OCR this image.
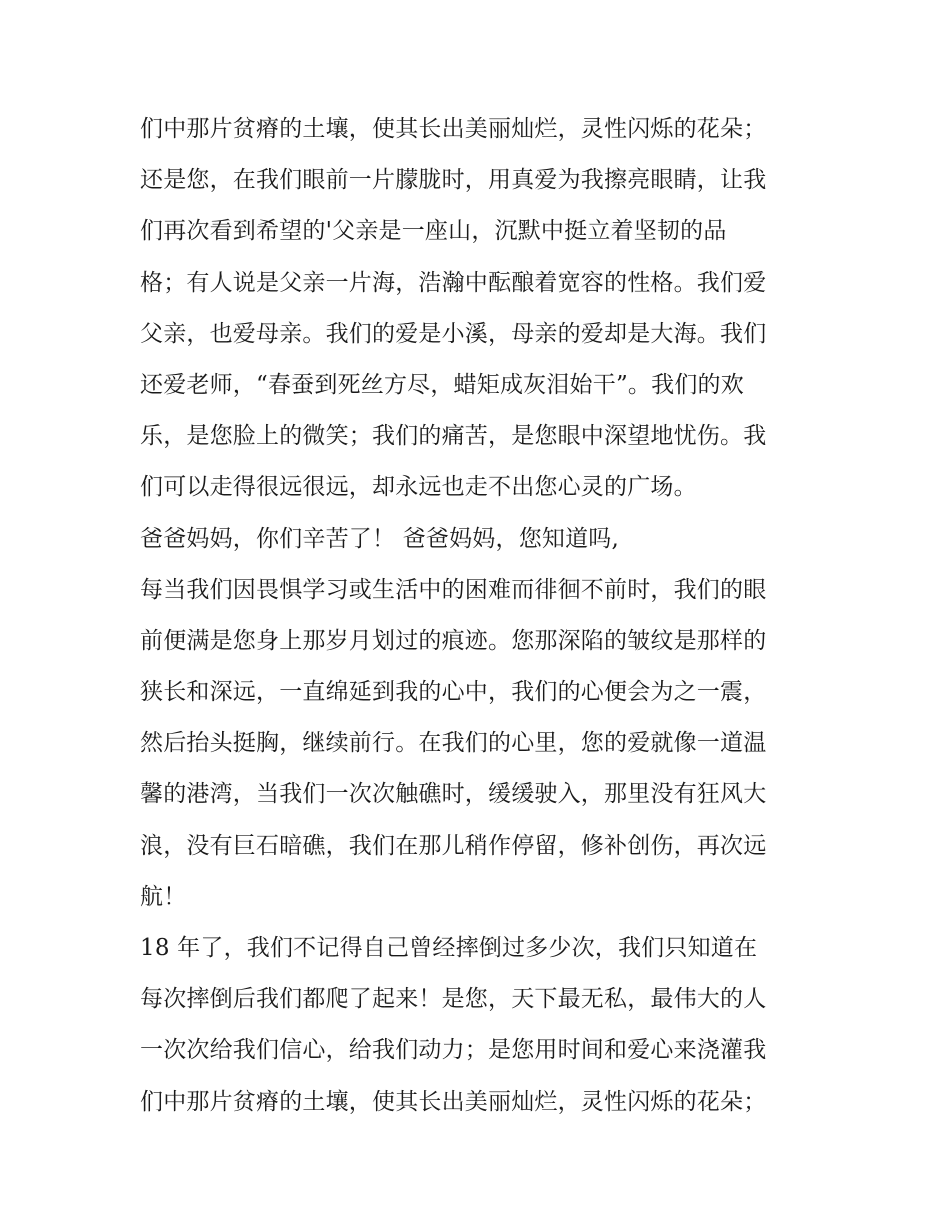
们中那片贫瘠的土壤，使其长出美丽灿烂，灵性闪烁的花朵；
还是您，在我们眼前一片朦胧时，用真爱为我擦亮眼睛，让我
们再次看到希望的'父亲是一座山，沉默中挺立着坚韧的品
格；有人说是父亲一片海，浩瀚中酝酿着宽容的性格。我们爱
父亲，也爱母亲。我们的爱是小溪，母亲的爱却是大海。我们
还爱老师，“春蚕到死丝方尽，蜡矩成灰泪始干”。我们的欢
乐，是您脸上的微笑；我们的痛苦，是您眼中深望地忧伤。我
们可以走得很远很远，却永远也走不出您心灵的广场。
爸爸妈妈，你们辛苦了！ 爸爸妈妈，您知道吗,
每当我们因畏惧学习或生活中的困难而徘徊不前时，我们的眼
前便满是您身上那岁月划过的痕迹。您那深陷的皱纹是那样的
狭长和深远，一直绵延到我的心中，我们的心便会为之一震，
然后抬头挺胸，继续前行。在我们的心里，您的爱就像一道温
馨的港湾，当我们一次次触礁时，缓缓驶入，那里没有狂风大
浪，没有巨石暗礁，我们在那儿稍作停留，修补创伤，再次远
航！
18 年了，我们不记得自己曾经摔倒过多少次，我们只知道在
每次摔倒后我们都爬了起来！是您，天下最无私，最伟大的人
一次次给我们信心，给我们动力；是您用时间和爱心来浇灌我
们中那片贫瘠的土壤，使其长出美丽灿烂，灵性闪烁的花朵；
